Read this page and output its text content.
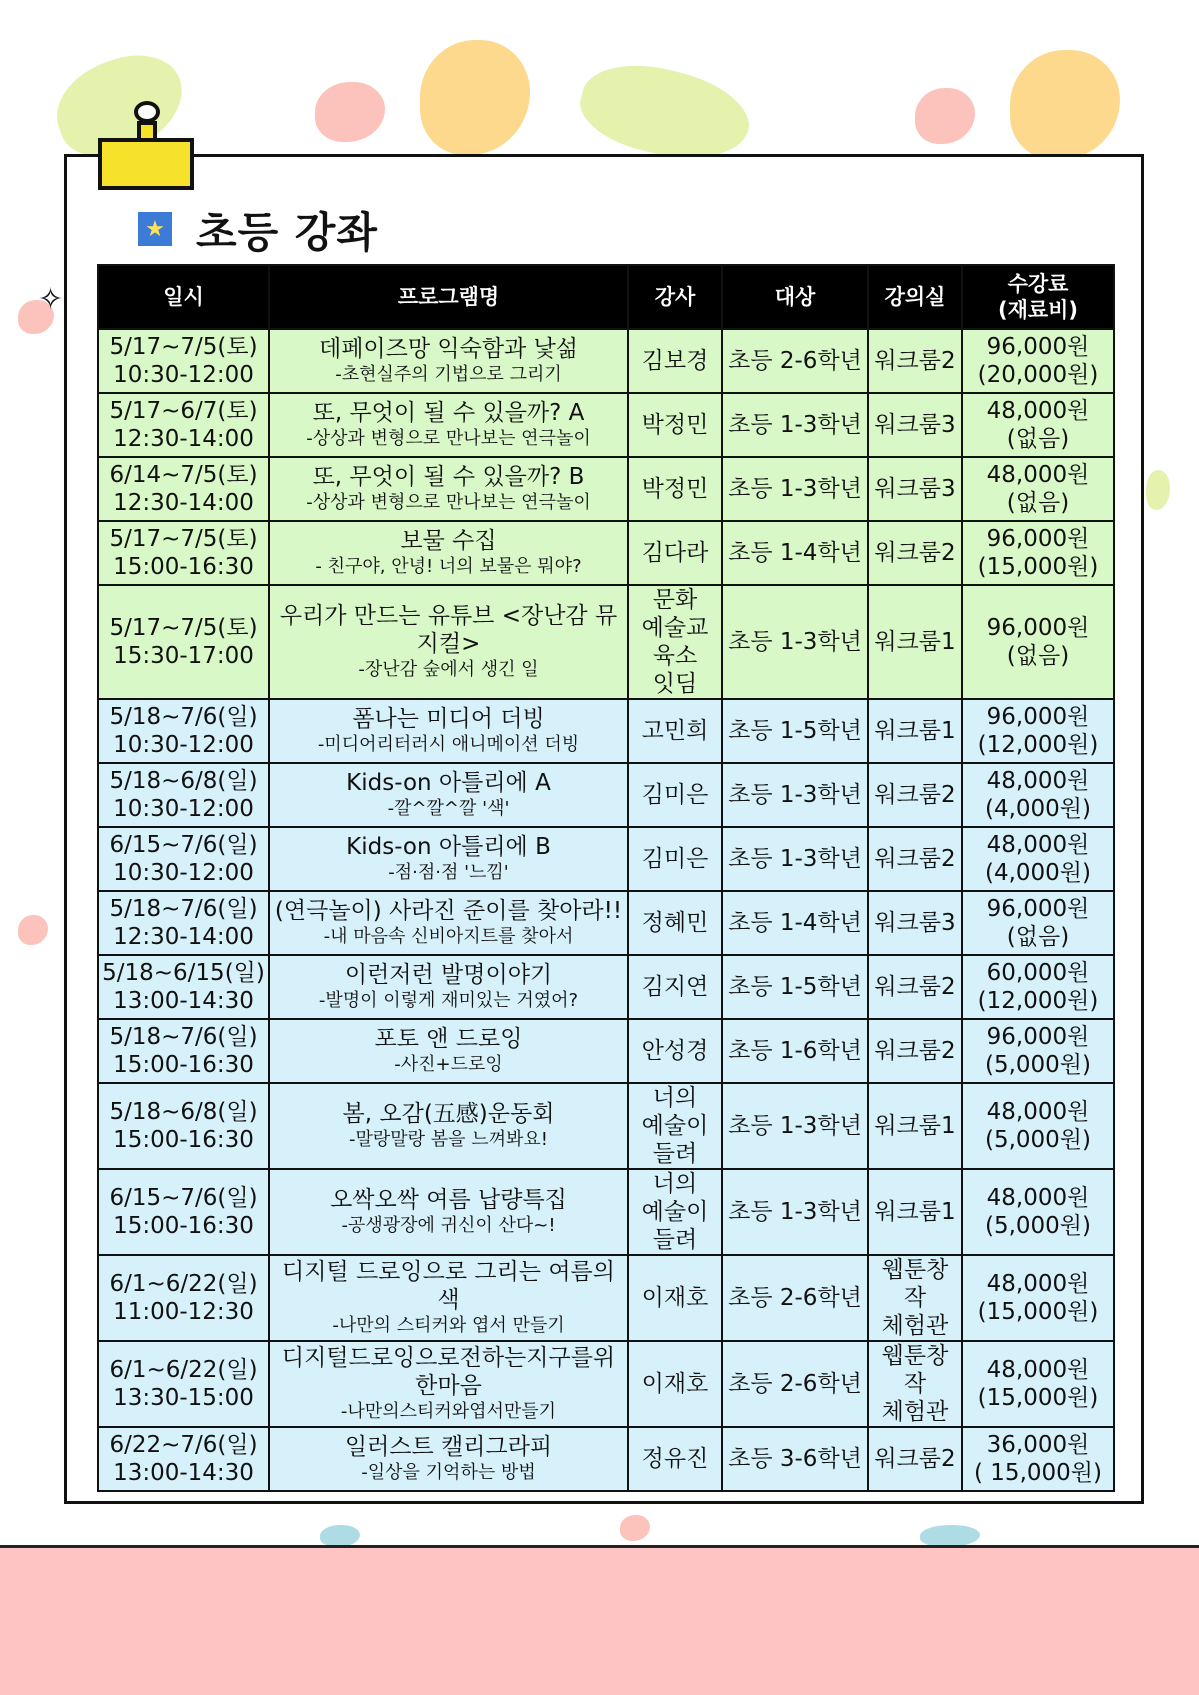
✧
★ 초등 강좌
일시	프로그램명	강사	대상	강의실	수강료
(재료비)

5/17~7/5(토)
10:30-12:00	데페이즈망 익숙함과 낯섦
-초현실주의 기법으로 그리기	김보경	초등 2-6학년	워크룸2	96,000원
(20,000원)

5/17~6/7(토)
12:30-14:00	또, 무엇이 될 수 있을까? A
-상상과 변형으로 만나보는 연극놀이	박정민	초등 1-3학년	워크룸3	48,000원
(없음)

6/14~7/5(토)
12:30-14:00	또, 무엇이 될 수 있을까? B
-상상과 변형으로 만나보는 연극놀이	박정민	초등 1-3학년	워크룸3	48,000원
(없음)

5/17~7/5(토)
15:00-16:30	보물 수집
- 친구야, 안녕! 너의 보물은 뭐야?	김다라	초등 1-4학년	워크룸2	96,000원
(15,000원)

5/17~7/5(토)
15:30-17:00	우리가 만드는 유튜브 <장난감 뮤지컬>
-장난감 숲에서 생긴 일	문화
예술교육소
잇딤	초등 1-3학년	워크룸1	96,000원
(없음)

5/18~7/6(일)
10:30-12:00	폼나는 미디어 더빙
-미디어리터러시 애니메이션 더빙	고민희	초등 1-5학년	워크룸1	96,000원
(12,000원)

5/18~6/8(일)
10:30-12:00	Kids-on 아틀리에 A
-깔^깔^깔 '색'	김미은	초등 1-3학년	워크룸2	48,000원
(4,000원)

6/15~7/6(일)
10:30-12:00	Kids-on 아틀리에 B
-점·점·점 '느낌'	김미은	초등 1-3학년	워크룸2	48,000원
(4,000원)

5/18~7/6(일)
12:30-14:00	(연극놀이) 사라진 준이를 찾아라!!
-내 마음속 신비아지트를 찾아서	정혜민	초등 1-4학년	워크룸3	96,000원
(없음)

5/18~6/15(일)
13:00-14:30	이런저런 발명이야기
-발명이 이렇게 재미있는 거였어?	김지연	초등 1-5학년	워크룸2	60,000원
(12,000원)

5/18~7/6(일)
15:00-16:30	포토 앤 드로잉
-사진+드로잉	안성경	초등 1-6학년	워크룸2	96,000원
(5,000원)

5/18~6/8(일)
15:00-16:30	봄, 오감(五感)운동회
-말랑말랑 봄을 느껴봐요!	너의
예술이
들려	초등 1-3학년	워크룸1	48,000원
(5,000원)

6/15~7/6(일)
15:00-16:30	오싹오싹 여름 납량특집
-공생광장에 귀신이 산다~!	너의
예술이
들려	초등 1-3학년	워크룸1	48,000원
(5,000원)

6/1~6/22(일)
11:00-12:30	디지털 드로잉으로 그리는 여름의 색
-나만의 스티커와 엽서 만들기	이재호	초등 2-6학년	웹툰창작
체험관	48,000원
(15,000원)

6/1~6/22(일)
13:30-15:00	디지털드로잉으로전하는지구를위한마음
-나만의스티커와엽서만들기	이재호	초등 2-6학년	웹툰창작
체험관	48,000원
(15,000원)

6/22~7/6(일)
13:00-14:30	일러스트 캘리그라피
-일상을 기억하는 방법	정유진	초등 3-6학년	워크룸2	36,000원
( 15,000원)
